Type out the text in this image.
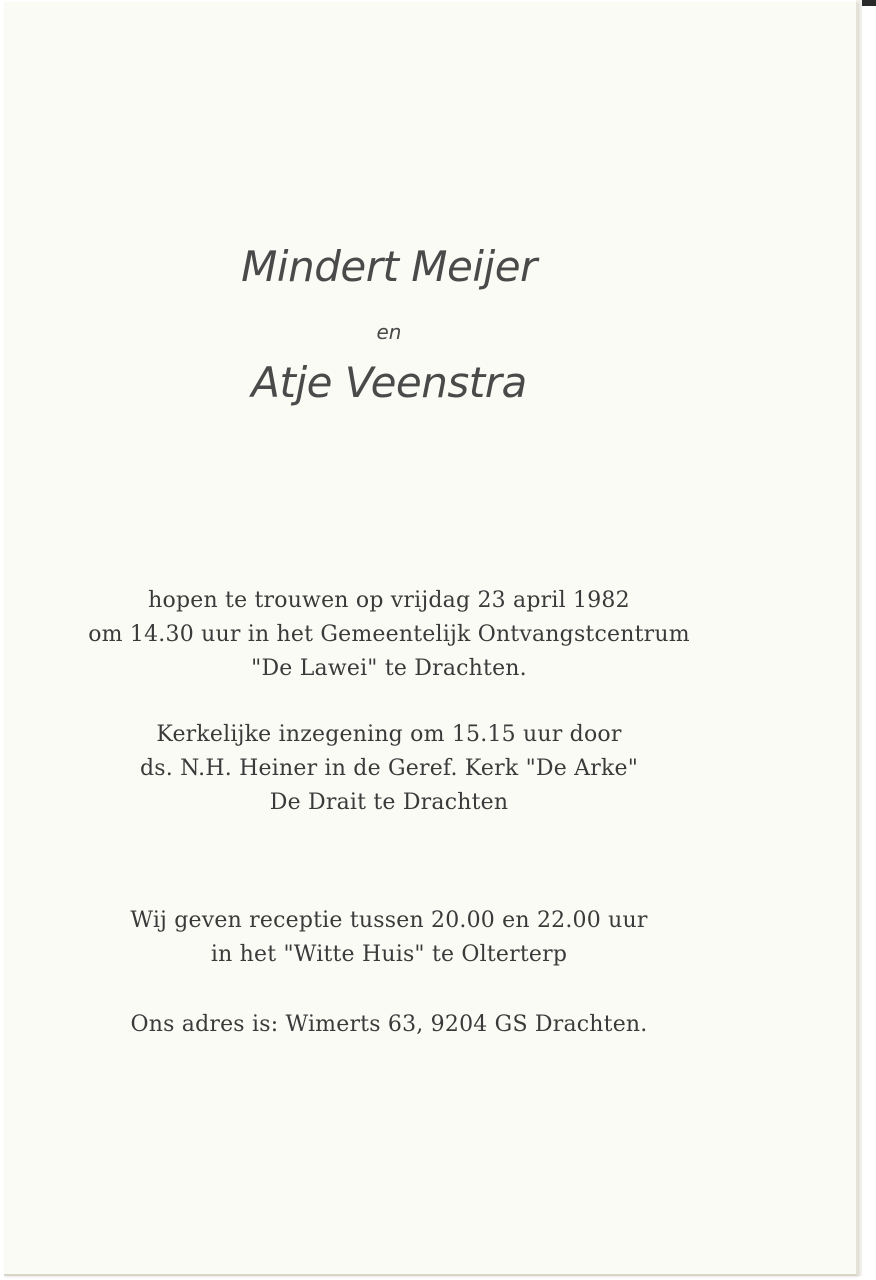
Mindert Meijer
en
Atje Veenstra
hopen te trouwen op vrijdag 23 april 1982
om 14.30 uur in het Gemeentelijk Ontvangstcentrum
"De Lawei" te Drachten.
Kerkelijke inzegening om 15.15 uur door
ds. N.H. Heiner in de Geref. Kerk "De Arke"
De Drait te Drachten
Wij geven receptie tussen 20.00 en 22.00 uur
in het "Witte Huis" te Olterterp
Ons adres is: Wimerts 63, 9204 GS Drachten.
